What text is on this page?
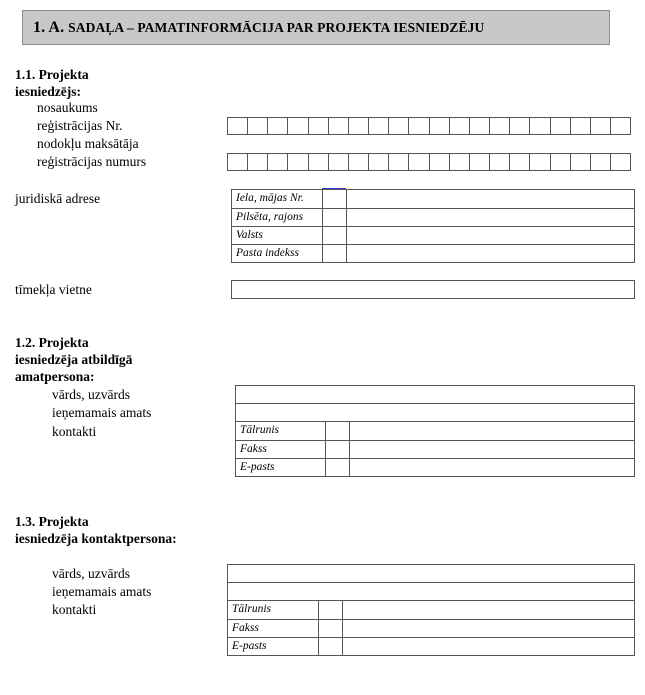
1. A. SADAĻA – PAMATINFORMĀCIJA PAR PROJEKTA IESNIEDZĒJU
1.1. Projekta
iesniedzējs:
nosaukums
reģistrācijas Nr.
nodokļu maksātāja
reģistrācijas numurs
juridiskā adrese	Iela, mājas Nr.
Pilsēta, rajons
Valsts
Pasta indekss
tīmekļa vietne
1.2. Projekta
iesniedzēja atbildīgā
amatpersona:
vārds, uzvārds
ieņemamais amats
kontakti	Tālrunis
Fakss
E-pasts
1.3. Projekta
iesniedzēja kontaktpersona:
vārds, uzvārds
ieņemamais amats
kontakti	Tālrunis
Fakss
E-pasts
